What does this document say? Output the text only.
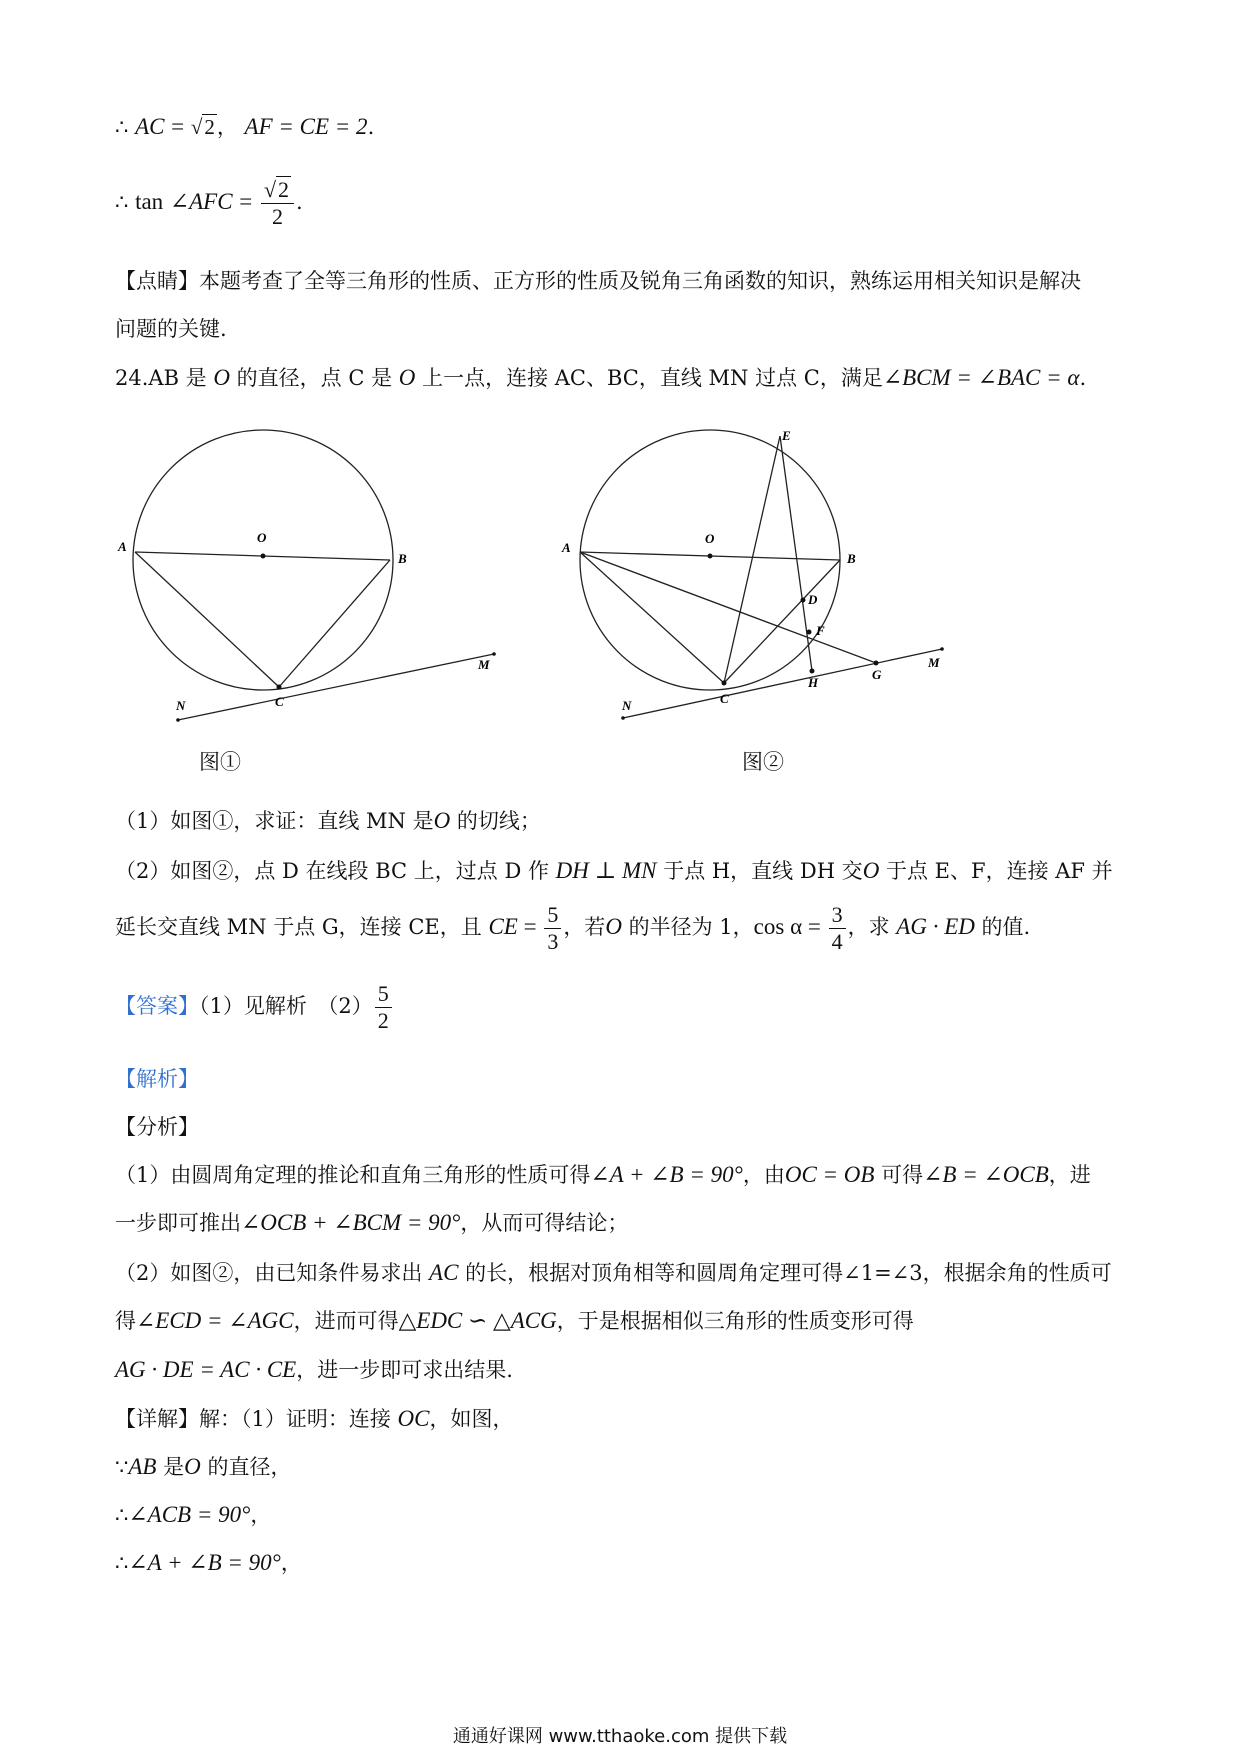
∴ AC = √2， AF = CE = 2.
∴ tan ∠AFC = $\frac{√2}{2}$ .
【点睛】本题考查了全等三角形的性质、正方形的性质及锐角三角函数的知识，熟练运用相关知识是解决
问题的关键.
24.AB 是 O 的直径，点 C 是 O 上一点，连接 AC、BC，直线 MN 过点 C，满足∠BCM = ∠BAC = α.
A
B
O
C
M
N
图①
A
B
O
C
E
D
F
H
G
M
N
图②
（1）如图①，求证：直线 MN 是O 的切线；
（2）如图②，点 D 在线段 BC 上，过点 D 作 DH ⊥ MN 于点 H，直线 DH 交O 于点 E、F，连接 AF 并
延长交直线 MN 于点 G，连接 CE，且 CE = $\frac{5}{3}$ ，若O 的半径为 1，$\cos \alpha = \frac{3}{4}$ ，求 AG · ED 的值.
【答案】（1）见解析　$(2) \frac{5}{2}$
【解析】
【分析】
（1）由圆周角定理的推论和直角三角形的性质可得∠A + ∠B = 90°，由OC = OB 可得∠B = ∠OCB，进
一步即可推出∠OCB + ∠BCM = 90°，从而可得结论；
（2）如图②，由已知条件易求出 AC 的长，根据对顶角相等和圆周角定理可得∠1=∠3，根据余角的性质可
得∠ECD = ∠AGC，进而可得△EDC ∽ △ACG，于是根据相似三角形的性质变形可得
AG · DE = AC · CE，进一步即可求出结果.
【详解】解：（1）证明：连接 OC，如图，
∵AB 是O 的直径，
∴∠ACB = 90°，
∴∠A + ∠B = 90°，
通通好课网 www.tthaoke.com 提供下载
